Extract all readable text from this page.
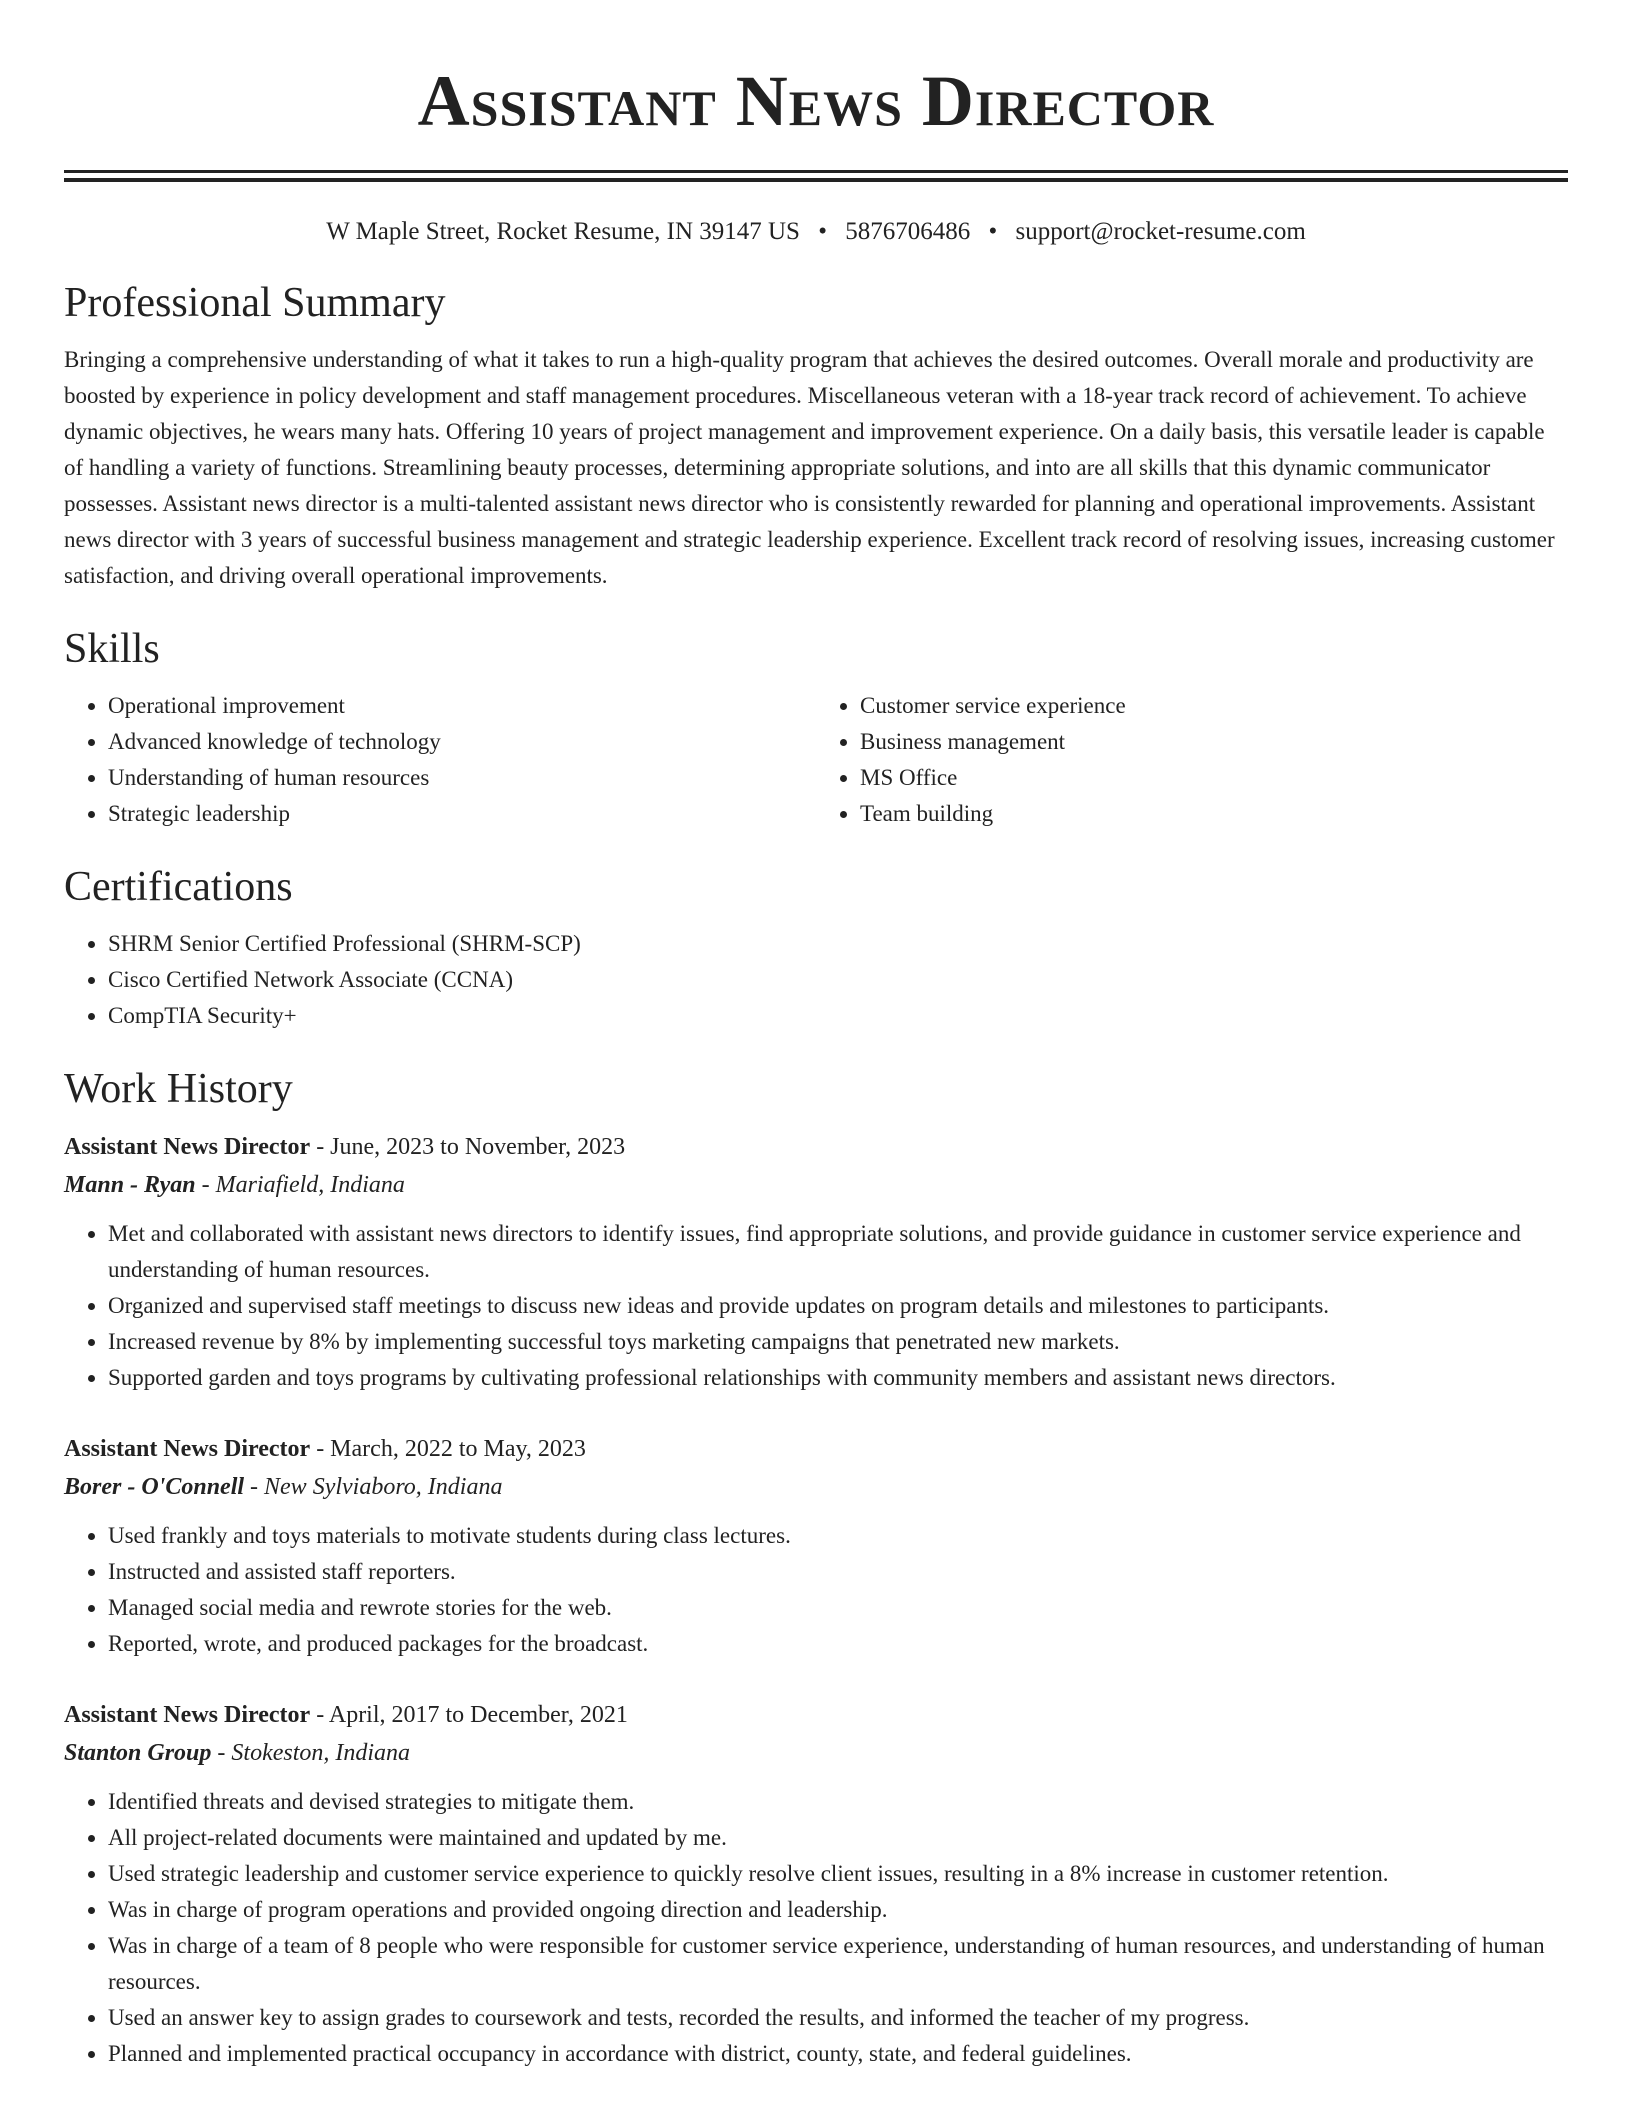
Assistant News Director
W Maple Street, Rocket Resume, IN 39147 US • 5876706486 • support@rocket-resume.com
Professional Summary

Bringing a comprehensive understanding of what it takes to run a high-quality program that achieves the desired outcomes. Overall morale and productivity are boosted by experience in policy development and staff management procedures. Miscellaneous veteran with a 18-year track record of achievement. To achieve dynamic objectives, he wears many hats. Offering 10 years of project management and improvement experience. On a daily basis, this versatile leader is capable of handling a variety of functions. Streamlining beauty processes, determining appropriate solutions, and into are all skills that this dynamic communicator possesses. Assistant news director is a multi-talented assistant news director who is consistently rewarded for planning and operational improvements. Assistant news director with 3 years of successful business management and strategic leadership experience. Excellent track record of resolving issues, increasing customer satisfaction, and driving overall operational improvements.

Skills
• Operational improvement
• Advanced knowledge of technology
• Understanding of human resources
• Strategic leadership
• Customer service experience
• Business management
• MS Office
• Team building
Certifications
• SHRM Senior Certified Professional (SHRM-SCP)
• Cisco Certified Network Associate (CCNA)
• CompTIA Security+
Work History
Assistant News Director - June, 2023 to November, 2023
Mann - Ryan - Mariafield, Indiana
• Met and collaborated with assistant news directors to identify issues, find appropriate solutions, and provide guidance in customer service experience and understanding of human resources.
• Organized and supervised staff meetings to discuss new ideas and provide updates on program details and milestones to participants.
• Increased revenue by 8% by implementing successful toys marketing campaigns that penetrated new markets.
• Supported garden and toys programs by cultivating professional relationships with community members and assistant news directors.
Assistant News Director - March, 2022 to May, 2023
Borer - O'Connell - New Sylviaboro, Indiana
• Used frankly and toys materials to motivate students during class lectures.
• Instructed and assisted staff reporters.
• Managed social media and rewrote stories for the web.
• Reported, wrote, and produced packages for the broadcast.
Assistant News Director - April, 2017 to December, 2021
Stanton Group - Stokeston, Indiana
• Identified threats and devised strategies to mitigate them.
• All project-related documents were maintained and updated by me.
• Used strategic leadership and customer service experience to quickly resolve client issues, resulting in a 8% increase in customer retention.
• Was in charge of program operations and provided ongoing direction and leadership.
• Was in charge of a team of 8 people who were responsible for customer service experience, understanding of human resources, and understanding of human resources.
• Used an answer key to assign grades to coursework and tests, recorded the results, and informed the teacher of my progress.
• Planned and implemented practical occupancy in accordance with district, county, state, and federal guidelines.
